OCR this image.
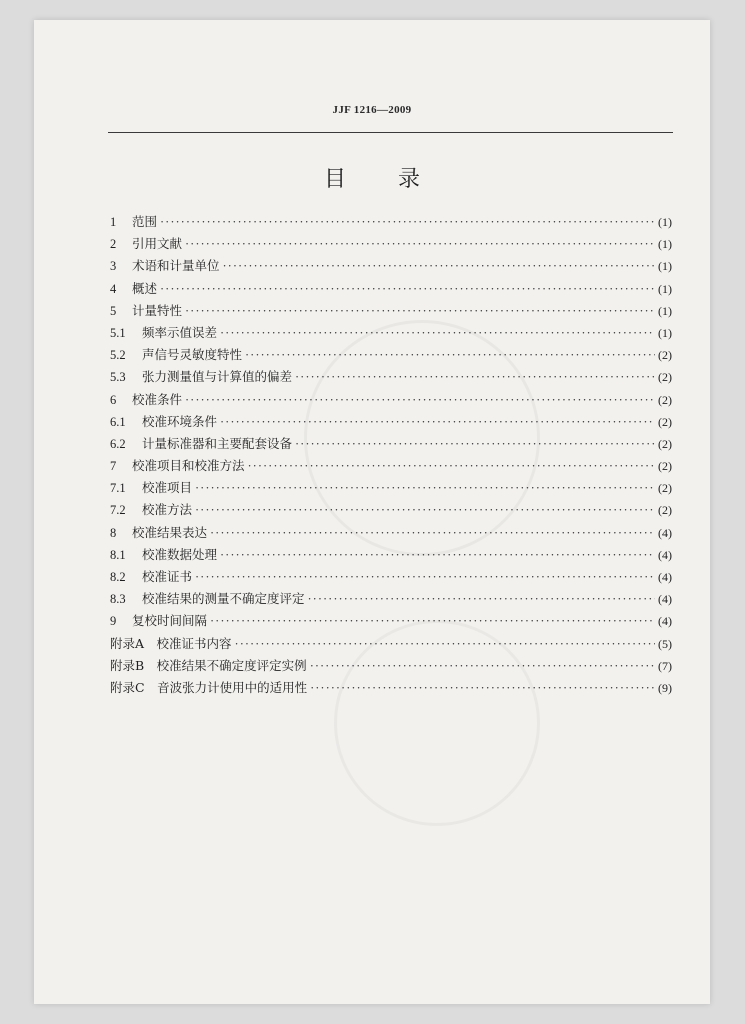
JJF 1216—2009
目 录
1	范围 ·····	(1)
2	引用文献 ·····	(1)
3	术语和计量单位 ·····	(1)
4	概述 ·····	(1)
5	计量特性 ·····	(1)
5.1	频率示值误差 ·····	(1)
5.2	声信号灵敏度特性 ·····	(2)
5.3	张力测量值与计算值的偏差 ·····	(2)
6	校准条件 ·····	(2)
6.1	校准环境条件 ·····	(2)
6.2	计量标准器和主要配套设备 ·····	(2)
7	校准项目和校准方法 ·····	(2)
7.1	校准项目 ·····	(2)
7.2	校准方法 ·····	(2)
8	校准结果表达 ·····	(4)
8.1	校准数据处理 ·····	(4)
8.2	校准证书 ·····	(4)
8.3	校准结果的测量不确定度评定 ·····	(4)
9	复校时间间隔 ·····	(4)
附录A　校准证书内容 ·····	(5)
附录B　校准结果不确定度评定实例 ·····	(7)
附录C　音波张力计使用中的适用性 ·····	(9)
